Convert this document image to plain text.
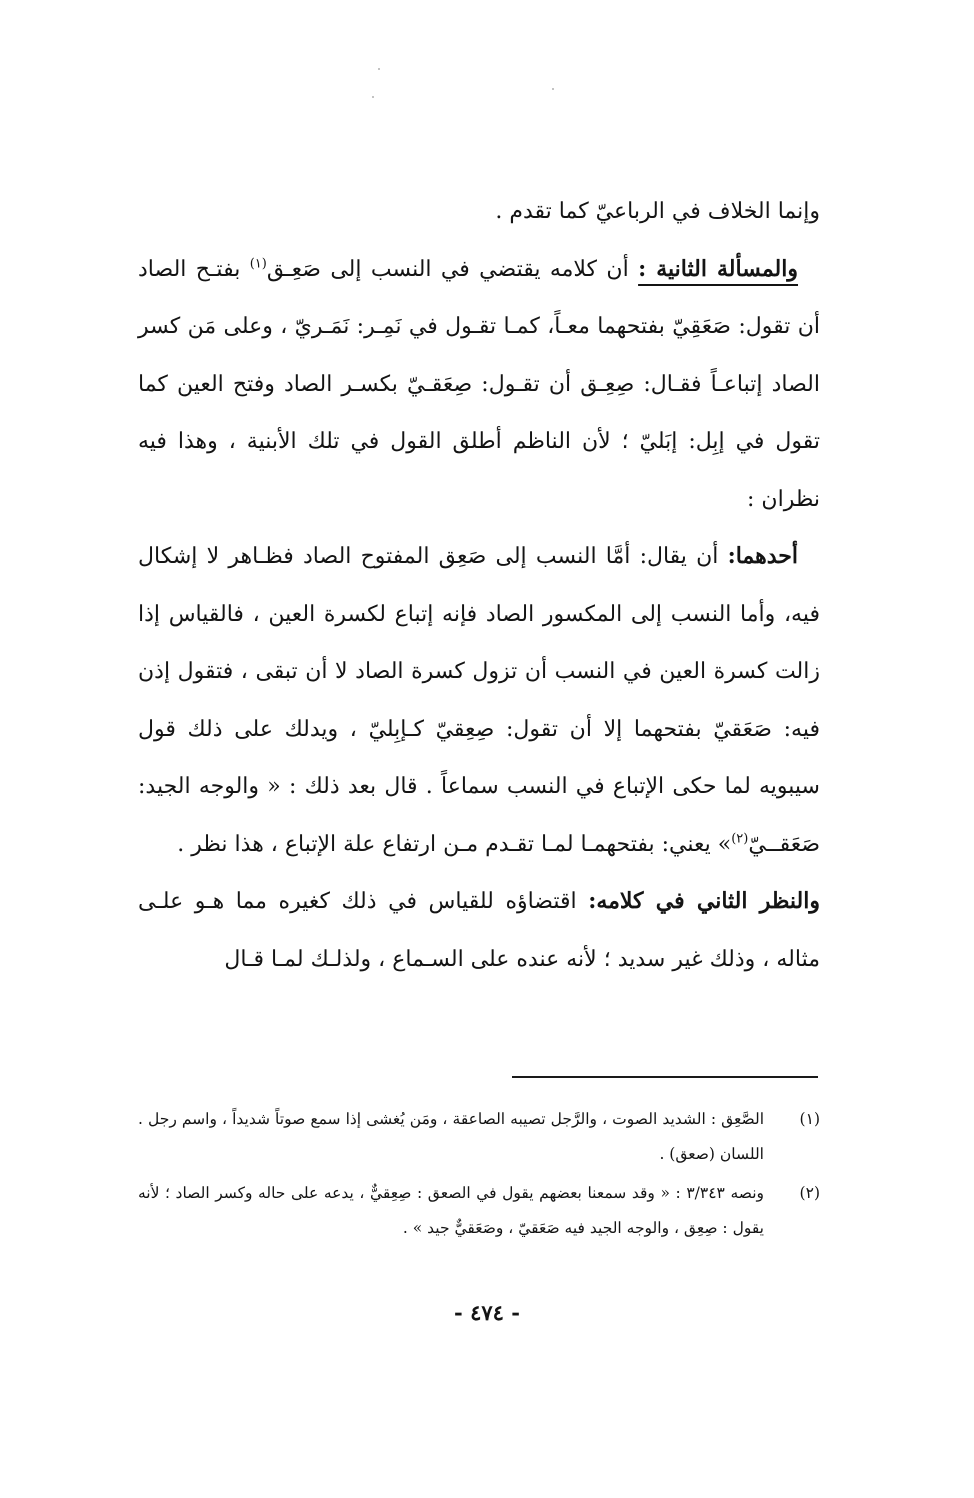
وإنما الخلاف في الرباعيّ كما تقدم .

والمسألة الثانية : أن كلامه يقتضي في النسب إلى صَعِـق$^{(١)}$ بفتـح الصاد أن تقول: صَعَقِيّ بفتحهما معـاً، كمـا تقـول في نَمِـر: نَمَـريّ ، وعلى مَن كسر الصاد إتباعـاً فقـال: صِعِـق أن تقـول: صِعَقـيّ بكسـر الصاد وفتح العين كما تقول في إبِل: إبَليّ ؛ لأن الناظم أطلق القول في تلك الأبنية ، وهذا فيه نظران :

أحدهما: أن يقال: أمَّا النسب إلى صَعِق المفتوح الصاد فظـاهر لا إشكال فيه، وأما النسب إلى المكسور الصاد فإنه إتباع لكسرة العين ، فالقياس إذا زالت كسرة العين في النسب أن تزول كسرة الصاد لا أن تبقى ، فتقول إذن فيه: صَعَقيّ بفتحهما إلا أن تقول: صِعِقيّ كـإبِليّ ، ويدلك على ذلك قول سيبويه لما حكى الإتباع في النسب سماعاً . قال بعد ذلك : « والوجه الجيد: صَعَقــيّ$^{(٢)}$» يعني: بفتحهمـا لمـا تقـدم مـن ارتفاع علة الإتباع ، هذا نظر .

والنظر الثاني في كلامه: اقتضاؤه للقياس في ذلك كغيره مما هـو علـى مثاله ، وذلك غير سديد ؛ لأنه عنده على السـماع ، ولذلـك لمـا قـال

(١)
الصَّعِق : الشديد الصوت ، والرَّجل تصيبه الصاعقة ، ومَن يُغشى إذا سمع صوتاً شديداً ، واسم رجل . اللسان (صعق) .
(٢)
ونصه ٣/٣٤٣ : « وقد سمعنا بعضهم يقول في الصعق : صِعِقيٌّ ، يدعه على حاله وكسر الصاد ؛ لأنه يقول : صِعِق ، والوجه الجيد فيه صَعَقيّ ، وصَعَقيٌّ جيد » .
- ٤٧٤ -
